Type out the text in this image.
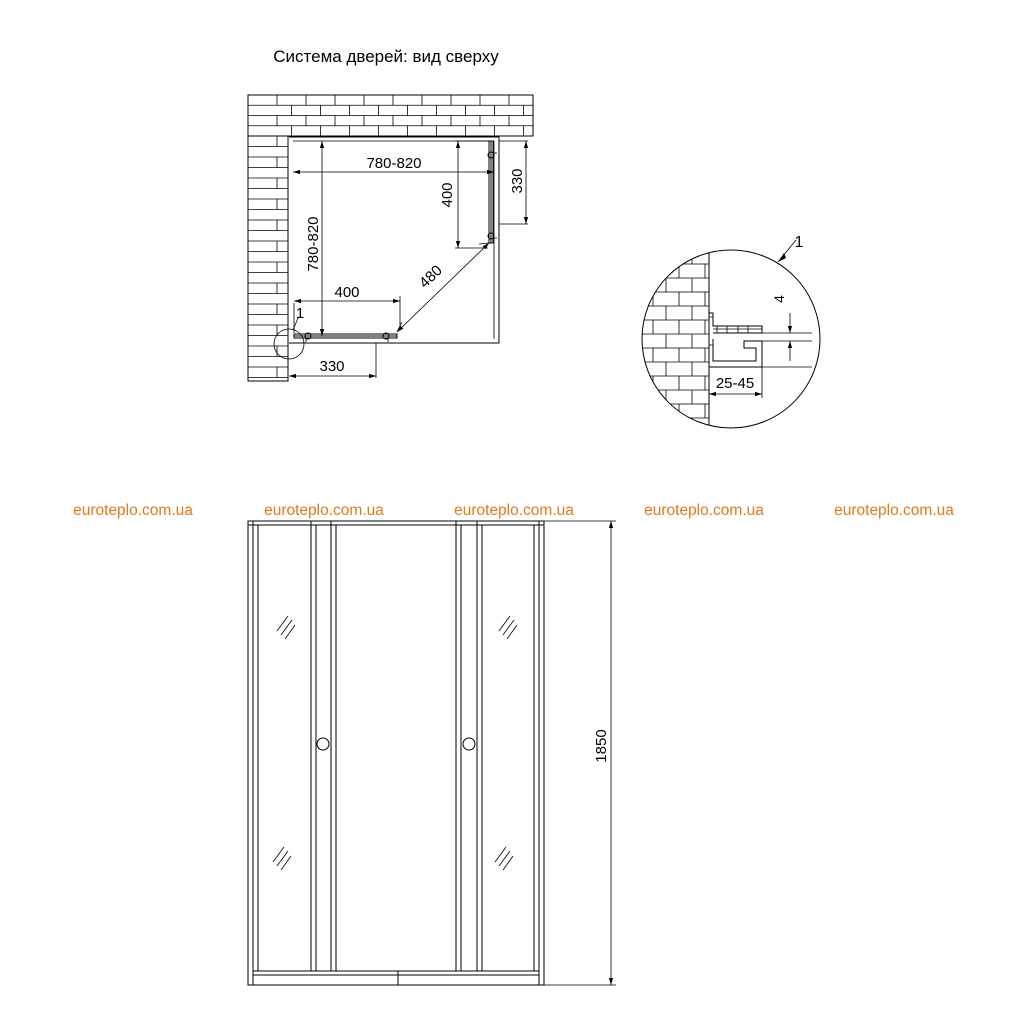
Система дверей: вид сверху
480
780-820
780-820
400
400
330
330
1
4
25-45
1
euroteplo.com.ua	euroteplo.com.ua	euroteplo.com.ua	euroteplo.com.ua	euroteplo.com.ua
1850
